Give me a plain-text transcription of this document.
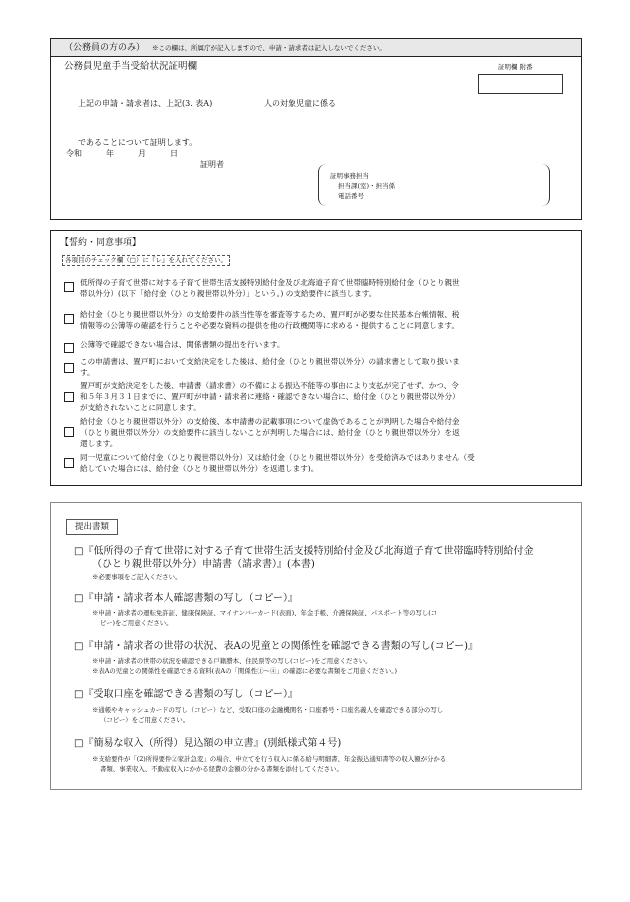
（公務員の方のみ） ※この欄は、所属庁が記入しますので、申請・請求者は記入しないでください。
公務員児童手当受給状況証明欄	証明欄 附番
上記の申請・請求者は、上記(3. 表A)	人の対象児童に係る
であることについて証明します。
令和　　　年　　　月　　　日
証明者
証明事務担当
担当課(室)・担当係
電話番号
【誓約・同意事項】
各項目のチェック欄（□）に『レ』を入れてください。
低所得の子育て世帯に対する子育て世帯生活支援特別給付金及び北海道子育て世帯臨時特別給付金（ひとり親世
帯以外分）(以下「給付金（ひとり親世帯以外分）」という。) の支給要件に該当します。
給付金（ひとり親世帯以外分）の支給要件の該当性等を審査等するため、置戸町が必要な住民基本台帳情報、税
情報等の公簿等の確認を行うことや必要な資料の提供を他の行政機関等に求める・提供することに同意します。
公簿等で確認できない場合は、関係書類の提出を行います。
この申請書は、置戸町において支給決定をした後は、給付金（ひとり親世帯以外分）の請求書として取り扱いま
す。
置戸町が支給決定をした後、申請書（請求書）の不備による振込不能等の事由により支払が完了せず、かつ、令
和５年３月３１日までに、置戸町が申請・請求者に連絡・確認できない場合に、給付金（ひとり親世帯以外分）
が支給されないことに同意します。
給付金（ひとり親世帯以外分）の支給後、本申請書の記載事項について虚偽であることが判明した場合や給付金
（ひとり親世帯以外分）の支給要件に該当しないことが判明した場合には、給付金（ひとり親世帯以外分）を返
還します。
同一児童について給付金（ひとり親世帯以外分）又は給付金（ひとり親世帯以外分）を受給済みではありません（受
給していた場合には、給付金（ひとり親世帯以外分）を返還します)。
提出書類
□『低所得の子育て世帯に対する子育て世帯生活支援特別給付金及び北海道子育て世帯臨時特別給付金
（ひとり親世帯以外分）申請書（請求書）』(本書)
※必要事項をご記入ください。
□『申請・請求者本人確認書類の写し（コピー）』
※申請・請求者の運転免許証、健康保険証、マイナンバーカード(表面)、年金手帳、介護保険証、パスポート等の写し(コ
ピー)をご用意ください。
□『申請・請求者の世帯の状況、表Aの児童との関係性を確認できる書類の写し(コピー)』
※申請・請求者の世帯の状況を確認できる戸籍謄本、住民票等の写し(コピー)をご用意ください。
※表Aの児童との関係性を確認できる資料(表Aの「関係性①～④」の確認に必要な書類をご用意ください。)
□『受取口座を確認できる書類の写し（コピー）』
※通帳やキャッシュカードの写し（コピー）など、受取口座の金融機関名・口座番号・口座名義人を確認できる部分の写し
（コピー）をご用意ください。
□『簡易な収入（所得）見込額の申立書』(別紙様式第４号)
※支給要件が「(2)所得要件②家計急変」の場合、申立てを行う収入に係る給与明細書、年金振込通知書等の収入額が分かる
書類、事業収入、不動産収入にかかる経費の金額の分かる書類を添付してください。
